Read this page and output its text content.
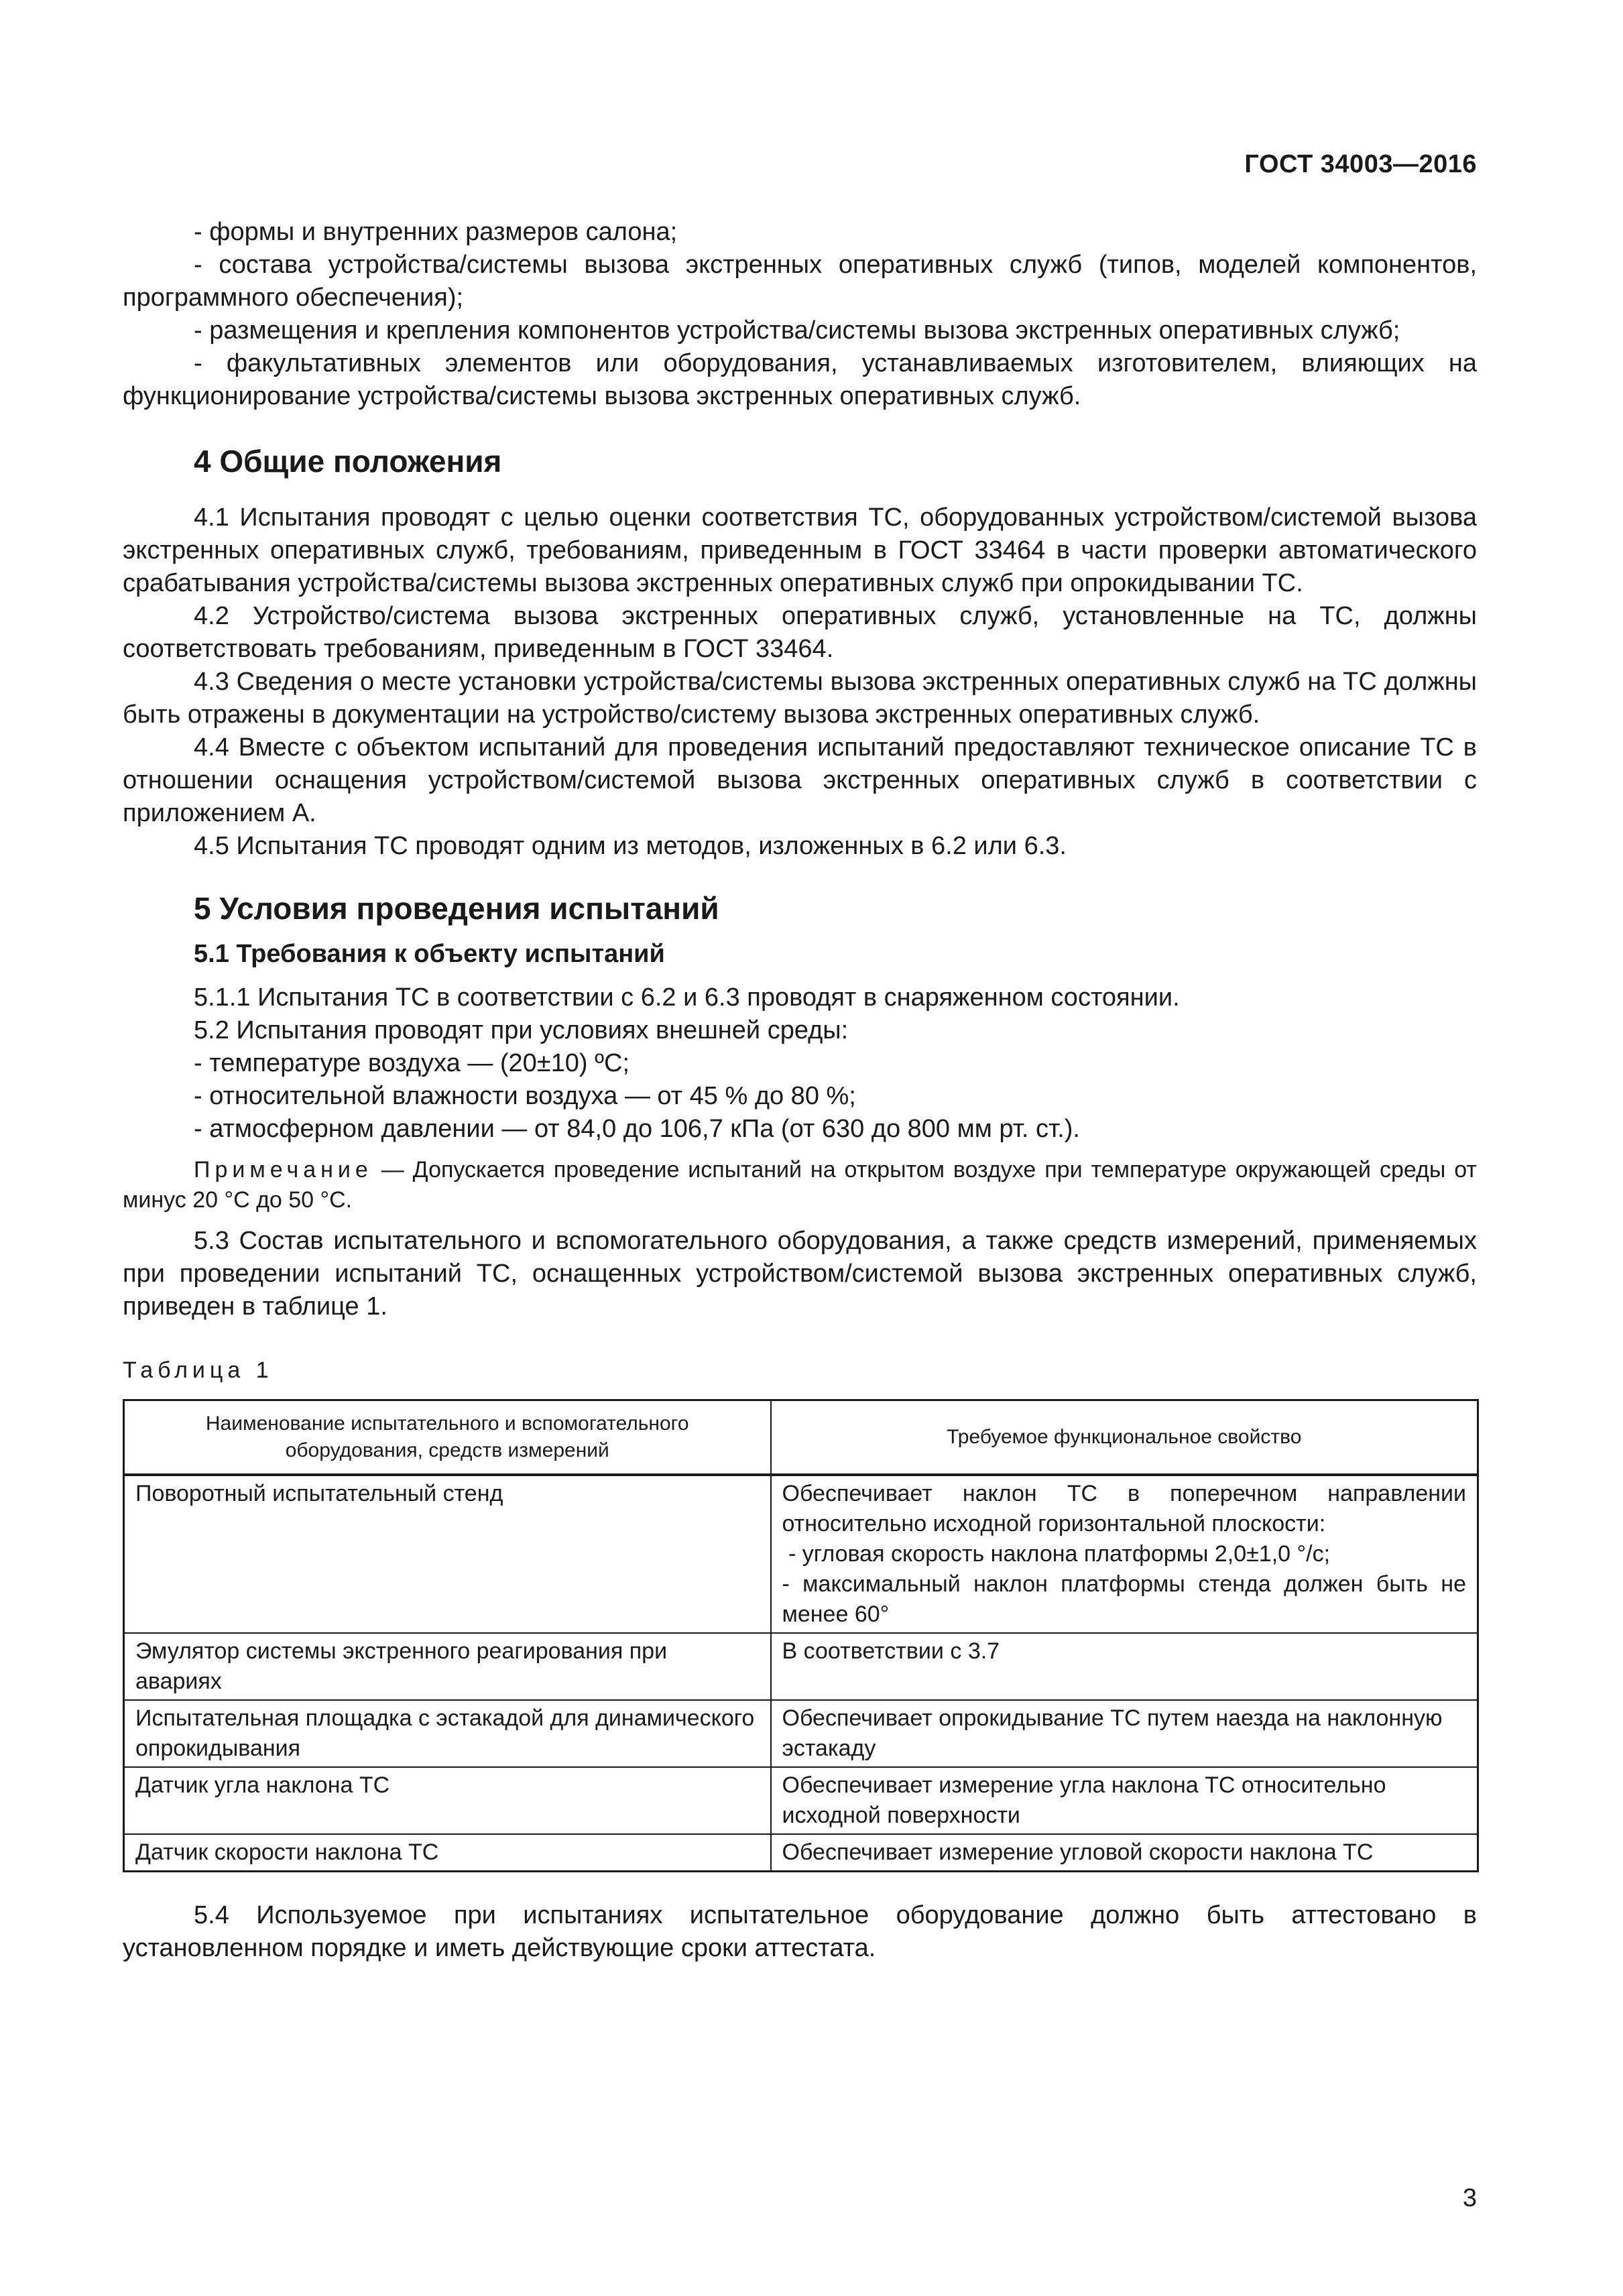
ГОСТ 34003—2016

- формы и внутренних размеров салона;

- состава устройства/системы вызова экстренных оперативных служб (типов, моделей компонентов, программного обеспечения);

- размещения и крепления компонентов устройства/системы вызова экстренных оперативных служб;

- факультативных элементов или оборудования, устанавливаемых изготовителем, влияющих на функционирование устройства/системы вызова экстренных оперативных служб.

4 Общие положения

4.1 Испытания проводят с целью оценки соответствия ТС, оборудованных устройством/системой вызова экстренных оперативных служб, требованиям, приведенным в ГОСТ 33464 в части проверки автоматического срабатывания устройства/системы вызова экстренных оперативных служб при опрокидывании ТС.

4.2 Устройство/система вызова экстренных оперативных служб, установленные на ТС, должны соответствовать требованиям, приведенным в ГОСТ 33464.

4.3 Сведения о месте установки устройства/системы вызова экстренных оперативных служб на ТС должны быть отражены в документации на устройство/систему вызова экстренных оперативных служб.

4.4 Вместе с объектом испытаний для проведения испытаний предоставляют техническое описание ТС в отношении оснащения устройством/системой вызова экстренных оперативных служб в соответствии с приложением А.

4.5 Испытания ТС проводят одним из методов, изложенных в 6.2 или 6.3.

5 Условия проведения испытаний
5.1 Требования к объекту испытаний

5.1.1 Испытания ТС в соответствии с 6.2 и 6.3 проводят в снаряженном состоянии.

5.2 Испытания проводят при условиях внешней среды:

- температуре воздуха — (20±10) ºС;

- относительной влажности воздуха — от 45 % до 80 %;

- атмосферном давлении — от 84,0 до 106,7 кПа (от 630 до 800 мм рт. ст.).

Примечание — Допускается проведение испытаний на открытом воздухе при температуре окружающей среды от минус 20 °С до 50 °С.

5.3 Состав испытательного и вспомогательного оборудования, а также средств измерений, применяемых при проведении испытаний ТС, оснащенных устройством/системой вызова экстренных оперативных служб, приведен в таблице 1.

Таблица 1
Наименование испытательного и вспомогательного оборудования, средств измерений	Требуемое функциональное свойство
Поворотный испытательный стенд	Обеспечивает наклон ТС в поперечном направлении относительно исходной горизонтальной плоскости:
- угловая скорость наклона платформы 2,0±1,0 °/с;
- максимальный наклон платформы стенда должен быть не менее 60°

Эмулятор системы экстренного реагирования при авариях	В соответствии с 3.7

Испытательная площадка с эстакадой для динамического опрокидывания	Обеспечивает опрокидывание ТС путем наезда на наклонную эстакаду

Датчик угла наклона ТС	Обеспечивает измерение угла наклона ТС относительно исходной поверхности

Датчик скорости наклона ТС	Обеспечивает измерение угловой скорости наклона ТС

5.4 Используемое при испытаниях испытательное оборудование должно быть аттестовано в установленном порядке и иметь действующие сроки аттестата.

3
